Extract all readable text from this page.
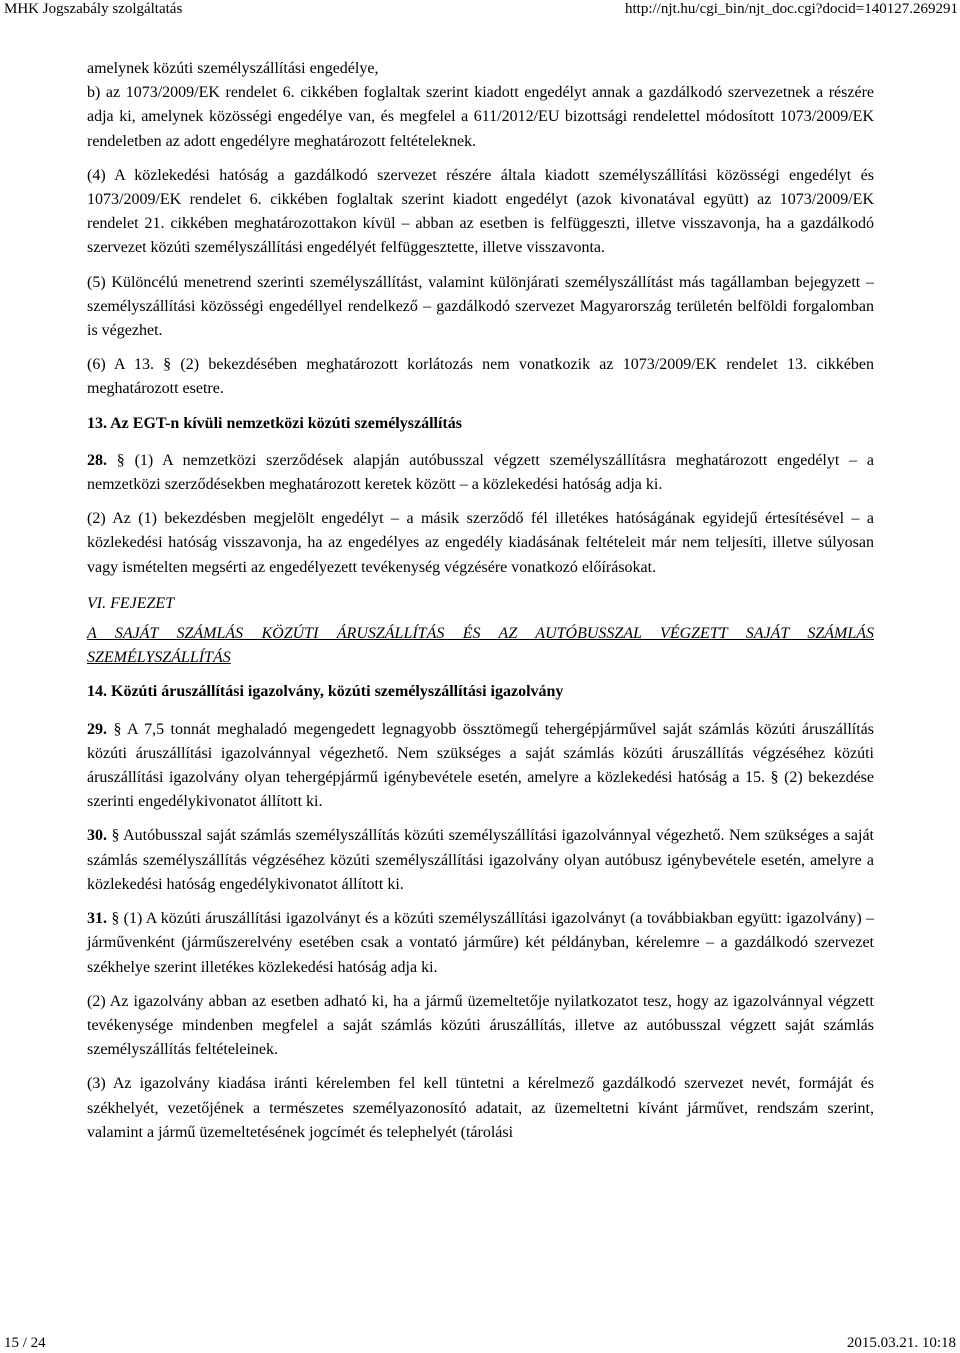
MHK Jogszabály szolgáltatás	http://njt.hu/cgi_bin/njt_doc.cgi?docid=140127.269291

amelynek közúti személyszállítási engedélye,

b) az 1073/2009/EK rendelet 6. cikkében foglaltak szerint kiadott engedélyt annak a gazdálkodó szervezetnek a részére adja ki, amelynek közösségi engedélye van, és megfelel a 611/2012/EU bizottsági rendelettel módosított 1073/2009/EK rendeletben az adott engedélyre meghatározott feltételeknek.

(4) A közlekedési hatóság a gazdálkodó szervezet részére általa kiadott személyszállítási közösségi engedélyt és 1073/2009/EK rendelet 6. cikkében foglaltak szerint kiadott engedélyt (azok kivonatával együtt) az 1073/2009/EK rendelet 21. cikkében meghatározottakon kívül – abban az esetben is felfüggeszti, illetve visszavonja, ha a gazdálkodó szervezet közúti személyszállítási engedélyét felfüggesztette, illetve visszavonta.

(5) Különcélú menetrend szerinti személyszállítást, valamint különjárati személyszállítást más tagállamban bejegyzett – személyszállítási közösségi engedéllyel rendelkező – gazdálkodó szervezet Magyarország területén belföldi forgalomban is végezhet.

(6) A 13. § (2) bekezdésében meghatározott korlátozás nem vonatkozik az 1073/2009/EK rendelet 13. cikkében meghatározott esetre.

13. Az EGT-n kívüli nemzetközi közúti személyszállítás

28. § (1) A nemzetközi szerződések alapján autóbusszal végzett személyszállításra meghatározott engedélyt – a nemzetközi szerződésekben meghatározott keretek között – a közlekedési hatóság adja ki.

(2) Az (1) bekezdésben megjelölt engedélyt – a másik szerződő fél illetékes hatóságának egyidejű értesítésével – a közlekedési hatóság visszavonja, ha az engedélyes az engedély kiadásának feltételeit már nem teljesíti, illetve súlyosan vagy ismételten megsérti az engedélyezett tevékenység végzésére vonatkozó előírásokat.

VI. FEJEZET

A SAJÁT SZÁMLÁS KÖZÚTI ÁRUSZÁLLÍTÁS ÉS AZ AUTÓBUSSZAL VÉGZETT SAJÁT SZÁMLÁS SZEMÉLYSZÁLLÍTÁS

14. Közúti áruszállítási igazolvány, közúti személyszállítási igazolvány

29. § A 7,5 tonnát meghaladó megengedett legnagyobb össztömegű tehergépjárművel saját számlás közúti áruszállítás közúti áruszállítási igazolvánnyal végezhető. Nem szükséges a saját számlás közúti áruszállítás végzéséhez közúti áruszállítási igazolvány olyan tehergépjármű igénybevétele esetén, amelyre a közlekedési hatóság a 15. § (2) bekezdése szerinti engedélykivonatot állított ki.

30. § Autóbusszal saját számlás személyszállítás közúti személyszállítási igazolvánnyal végezhető. Nem szükséges a saját számlás személyszállítás végzéséhez közúti személyszállítási igazolvány olyan autóbusz igénybevétele esetén, amelyre a közlekedési hatóság engedélykivonatot állított ki.

31. § (1) A közúti áruszállítási igazolványt és a közúti személyszállítási igazolványt (a továbbiakban együtt: igazolvány) – járművenként (járműszerelvény esetében csak a vontató járműre) két példányban, kérelemre – a gazdálkodó szervezet székhelye szerint illetékes közlekedési hatóság adja ki.

(2) Az igazolvány abban az esetben adható ki, ha a jármű üzemeltetője nyilatkozatot tesz, hogy az igazolvánnyal végzett tevékenysége mindenben megfelel a saját számlás közúti áruszállítás, illetve az autóbusszal végzett saját számlás személyszállítás feltételeinek.

(3) Az igazolvány kiadása iránti kérelemben fel kell tüntetni a kérelmező gazdálkodó szervezet nevét, formáját és székhelyét, vezetőjének a természetes személyazonosító adatait, az üzemeltetni kívánt járművet, rendszám szerint, valamint a jármű üzemeltetésének jogcímét és telephelyét (tárolási

15 / 24	2015.03.21. 10:18
